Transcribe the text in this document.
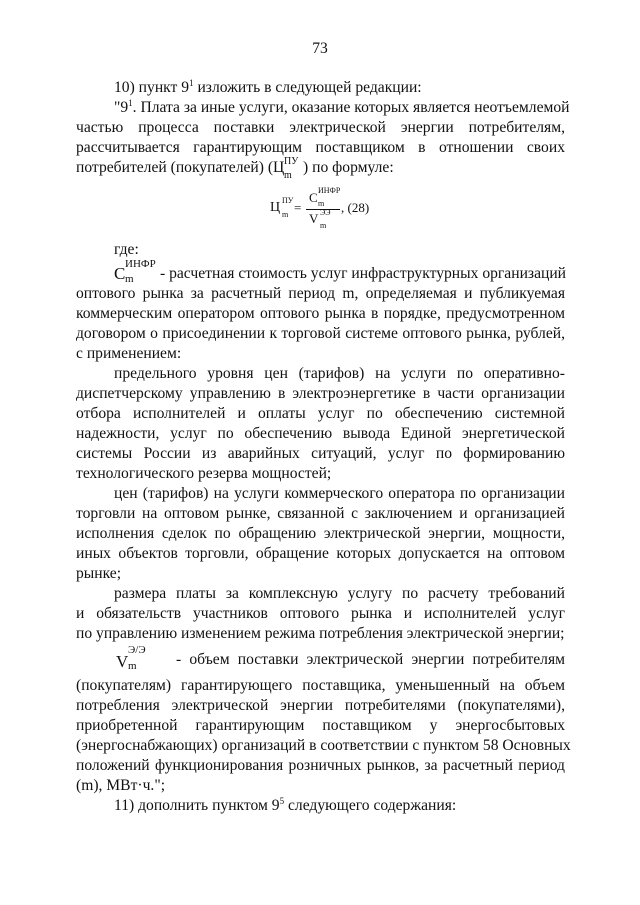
73
10) пункт $9^1$ изложить в следующей редакции:
"$9^1$. Плата за иные услуги, оказание которых является неотъемлемой
частью процесса поставки электрической энергии потребителям,
рассчитывается гарантирующим поставщиком в отношении своих
потребителей (покупателей) (Ц ПУ
m ) по формуле:
Ц ПУ
m =
C ИНФР
m
V ЭЭ
m
, (28)
где:
C ИНФР
m - расчетная стоимость услуг инфраструктурных организаций
оптового рынка за расчетный период m, определяемая и публикуемая
коммерческим оператором оптового рынка в порядке, предусмотренном
договором о присоединении к торговой системе оптового рынка, рублей,
с применением:
предельного уровня цен (тарифов) на услуги по оперативно-
диспетчерскому управлению в электроэнергетике в части организации
отбора исполнителей и оплаты услуг по обеспечению системной
надежности, услуг по обеспечению вывода Единой энергетической
системы России из аварийных ситуаций, услуг по формированию
технологического резерва мощностей;
цен (тарифов) на услуги коммерческого оператора по организации
торговли на оптовом рынке, связанной с заключением и организацией
исполнения сделок по обращению электрической энергии, мощности,
иных объектов торговли, обращение которых допускается на оптовом
рынке;
размера платы за комплексную услугу по расчету требований
и обязательств участников оптового рынка и исполнителей услуг
по управлению изменением режима потребления электрической энергии;
V
Э/Э
m	- объем поставки электрической энергии потребителям
(покупателям) гарантирующего поставщика, уменьшенный на объем
потребления электрической энергии потребителями (покупателями),
приобретенной гарантирующим поставщиком у энергосбытовых
(энергоснабжающих) организаций в соответствии с пунктом 58 Основных
положений функционирования розничных рынков, за расчетный период
(m), МВт·ч.";
11) дополнить пунктом $9^5$ следующего содержания:
